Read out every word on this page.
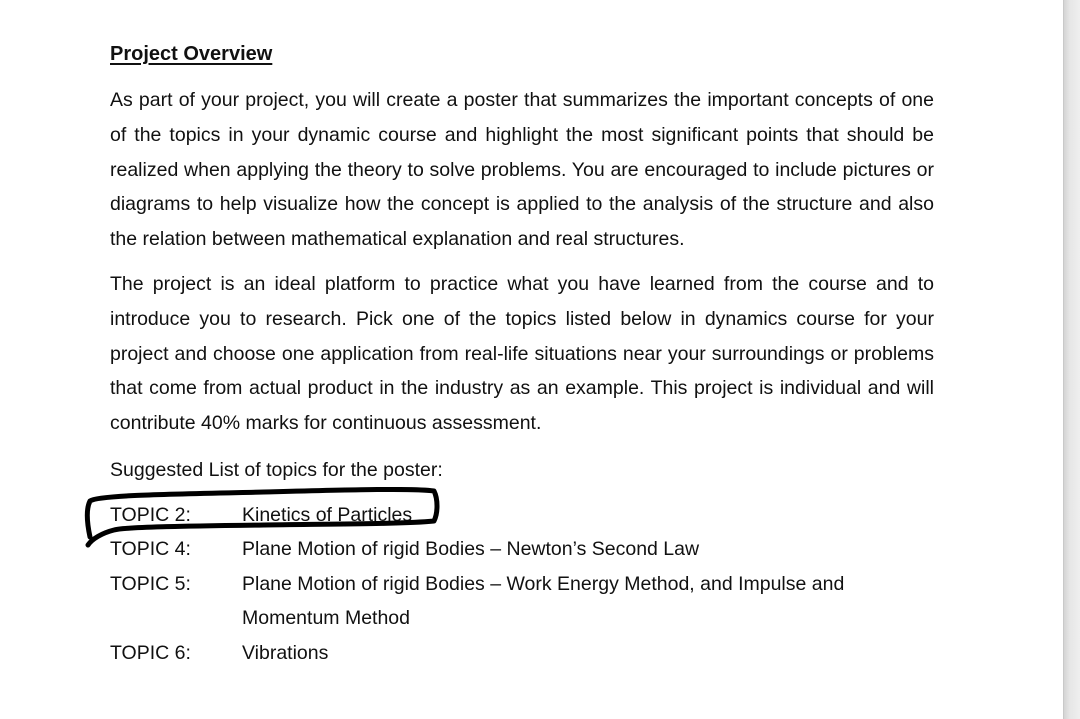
Project Overview

As part of your project, you will create a poster that summarizes the important concepts of one of the topics in your dynamic course and highlight the most significant points that should be realized when applying the theory to solve problems. You are encouraged to include pictures or diagrams to help visualize how the concept is applied to the analysis of the structure and also the relation between mathematical explanation and real structures.

The project is an ideal platform to practice what you have learned from the course and to introduce you to research. Pick one of the topics listed below in dynamics course for your project and choose one application from real-life situations near your surroundings or problems that come from actual product in the industry as an example. This project is individual and will contribute 40% marks for continuous assessment.

Suggested List of topics for the poster:

TOPIC 2:	Kinetics of Particles
TOPIC 4:	Plane Motion of rigid Bodies – Newton’s Second Law
TOPIC 5:	Plane Motion of rigid Bodies – Work Energy Method, and Impulse and Momentum Method
TOPIC 6:	Vibrations
